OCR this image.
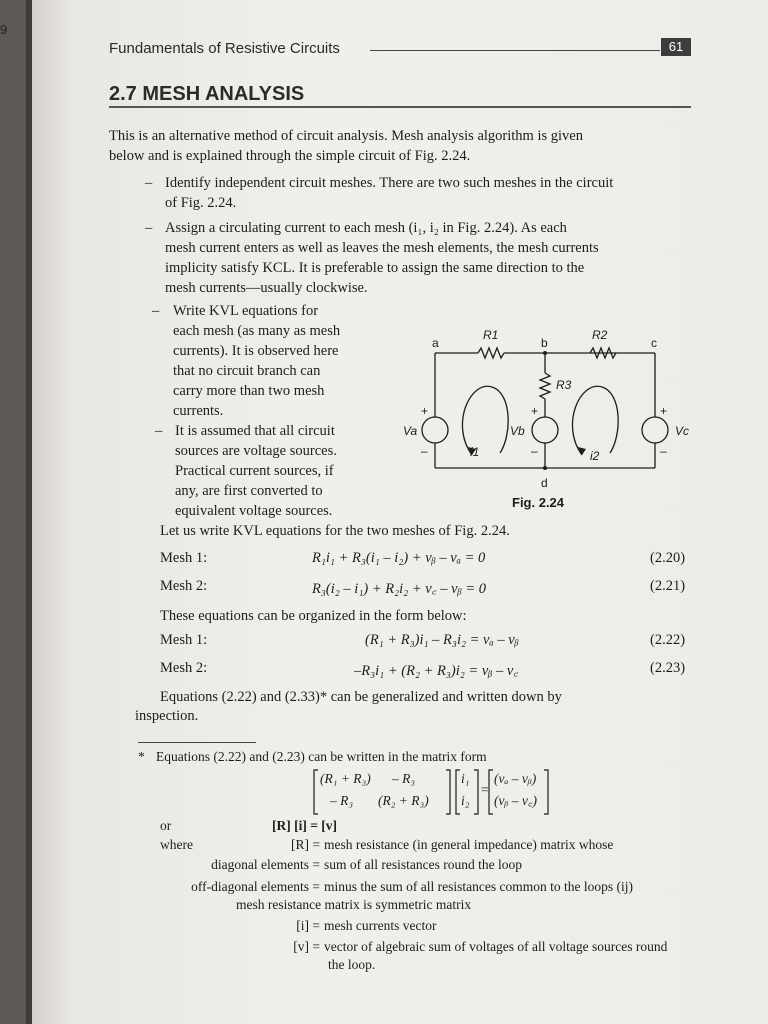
9
Fundamentals of Resistive Circuits	61
2.7 MESH ANALYSIS
This is an alternative method of circuit analysis. Mesh analysis algorithm is given
below and is explained through the simple circuit of Fig. 2.24.
– Identify independent circuit meshes. There are two such meshes in the circuit
of Fig. 2.24.
– Assign a circulating current to each mesh (i₁, i₂ in Fig. 2.24). As each
mesh current enters as well as leaves the mesh elements, the mesh currents
implicity satisfy KCL. It is preferable to assign the same direction to the
mesh currents—usually clockwise.
– Write KVL equations for
each mesh (as many as mesh
currents). It is observed here
that no circuit branch can
carry more than two mesh
currents.
– It is assumed that all circuit
sources are voltage sources.
Practical current sources, if
any, are first converted to
equivalent voltage sources.
a	b	c
d
R1	R2
R3
Va	Vb	Vc
i1	i2
+
–
+
–
+
–
Fig. 2.24
Let us write KVL equations for the two meshes of Fig. 2.24.
Mesh 1:	R₁i₁ + R₃(i₁ – i₂) + vᵦ – vₐ = 0	(2.20)
Mesh 2:	R₃(i₂ – i₁) + R₂i₂ + v꜀ – vᵦ = 0	(2.21)
These equations can be organized in the form below:
Mesh 1:	(R₁ + R₃)i₁ – R₃i₂ = vₐ – vᵦ	(2.22)
Mesh 2:	–R₃i₁ + (R₂ + R₃)i₂ = vᵦ – v꜀	(2.23)
Equations (2.22) and (2.33)* can be generalized and written down by
inspection.
* Equations (2.22) and (2.23) can be written in the matrix form
(R₁ + R₃) – R₃
– R₃ (R₂ + R₃)
i₁
i₂
=
(vₐ – vᵦ)
(vᵦ – v꜀)
or	[R] [i] = [v]
where	[R] = mesh resistance (in general impedance) matrix whose
diagonal elements = sum of all resistances round the loop
off-diagonal elements = minus the sum of all resistances common to the loops (ij)
mesh resistance matrix is symmetric matrix
[i] = mesh currents vector
[v] = vector of algebraic sum of voltages of all voltage sources round
the loop.
